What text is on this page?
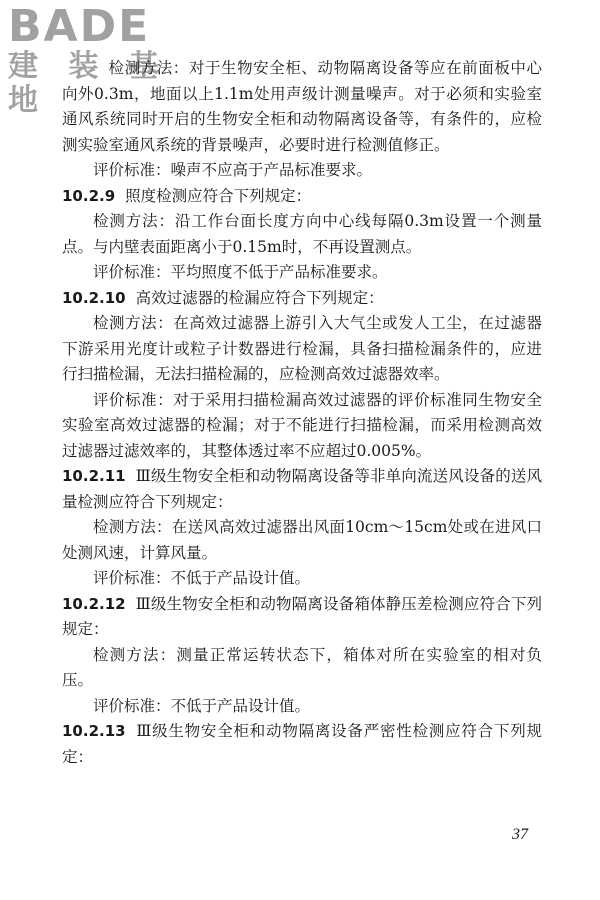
BADE
建 装 基 地

检测方法：对于生物安全柜、动物隔离设备等应在前面板中心向外0.3m，地面以上1.1m处用声级计测量噪声。对于必须和实验室通风系统同时开启的生物安全柜和动物隔离设备等，有条件的，应检测实验室通风系统的背景噪声，必要时进行检测值修正。

评价标准：噪声不应高于产品标准要求。

10.2.9 照度检测应符合下列规定：

检测方法：沿工作台面长度方向中心线每隔0.3m设置一个测量点。与内壁表面距离小于0.15m时，不再设置测点。

评价标准：平均照度不低于产品标准要求。

10.2.10 高效过滤器的检漏应符合下列规定：

检测方法：在高效过滤器上游引入大气尘或发人工尘，在过滤器下游采用光度计或粒子计数器进行检漏，具备扫描检漏条件的，应进行扫描检漏，无法扫描检漏的，应检测高效过滤器效率。

评价标准：对于采用扫描检漏高效过滤器的评价标准同生物安全实验室高效过滤器的检漏；对于不能进行扫描检漏，而采用检测高效过滤器过滤效率的，其整体透过率不应超过0.005%。

10.2.11 Ⅲ级生物安全柜和动物隔离设备等非单向流送风设备的送风量检测应符合下列规定：

检测方法：在送风高效过滤器出风面10cm～15cm处或在进风口处测风速，计算风量。

评价标准：不低于产品设计值。

10.2.12 Ⅲ级生物安全柜和动物隔离设备箱体静压差检测应符合下列规定：

检测方法：测量正常运转状态下，箱体对所在实验室的相对负压。

评价标准：不低于产品设计值。

10.2.13 Ⅲ级生物安全柜和动物隔离设备严密性检测应符合下列规定：

37
